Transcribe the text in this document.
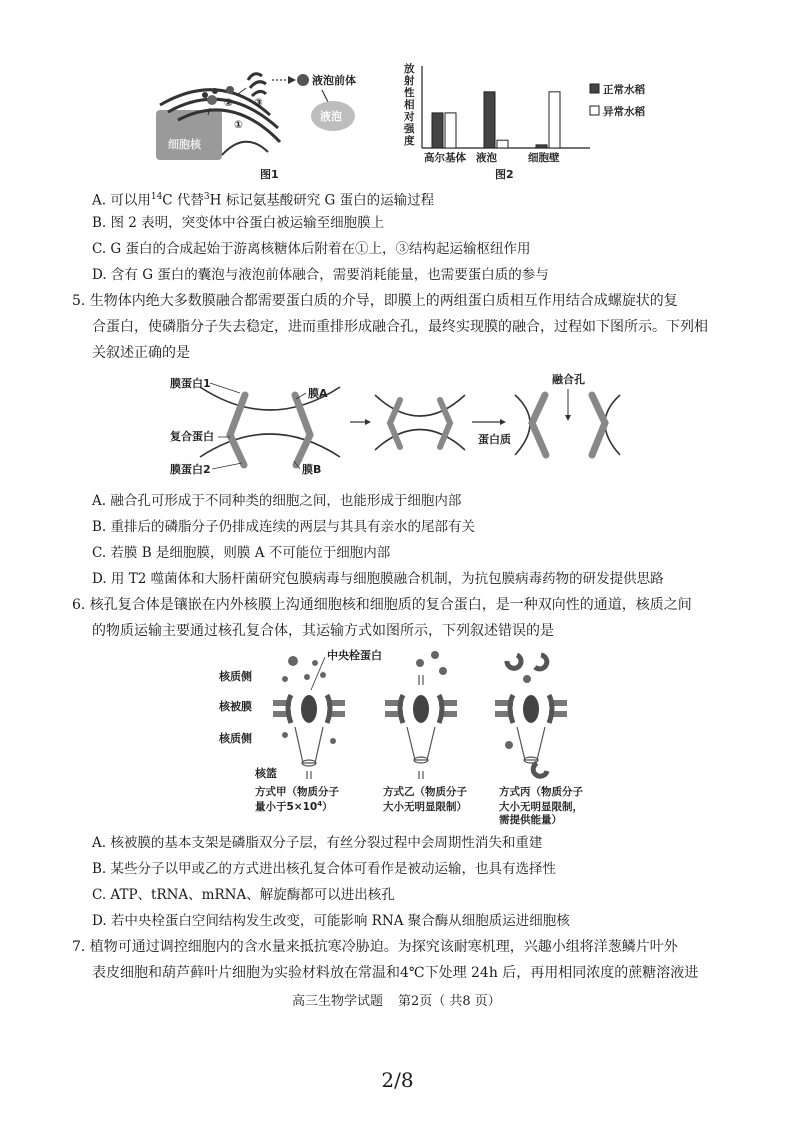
细胞核
②
①
③
液泡前体
液泡
图1
放
射
性
相
对
强
度
高尔基体 液泡	细胞壁
正常水稻
异常水稻
图2
A. 可以用$^{14}$C 代替$^3$H 标记氨基酸研究 G 蛋白的运输过程
B. 图 2 表明，突变体中谷蛋白被运输至细胞膜上
C. G 蛋白的合成起始于游离核糖体后附着在①上，③结构起运输枢纽作用
D. 含有 G 蛋白的囊泡与液泡前体融合，需要消耗能量，也需要蛋白质的参与
5. 生物体内绝大多数膜融合都需要蛋白质的介导，即膜上的两组蛋白质相互作用结合成螺旋状的复
合蛋白，使磷脂分子失去稳定，进而重排形成融合孔，最终实现膜的融合，过程如下图所示。下列相
关叙述正确的是
膜蛋白1
膜A
复合蛋白
膜蛋白2	膜B
蛋白质
融合孔
A. 融合孔可形成于不同种类的细胞之间，也能形成于细胞内部
B. 重排后的磷脂分子仍排成连续的两层与其具有亲水的尾部有关
C. 若膜 B 是细胞膜，则膜 A 不可能位于细胞内部
D. 用 T2 噬菌体和大肠杆菌研究包膜病毒与细胞膜融合机制，为抗包膜病毒药物的研发提供思路
6. 核孔复合体是镶嵌在内外核膜上沟通细胞核和细胞质的复合蛋白，是一种双向性的通道，核质之间
的物质运输主要通过核孔复合体，其运输方式如图所示，下列叙述错误的是
核质侧
核被膜
核质侧
核篮
中央栓蛋白
方式甲（物质分子
量小于$5\times 10^4$）
方式乙（物质分子
大小无明显限制）
方式丙（物质分子
大小无明显限制，
需提供能量）
A. 核被膜的基本支架是磷脂双分子层，有丝分裂过程中会周期性消失和重建
B. 某些分子以甲或乙的方式进出核孔复合体可看作是被动运输，也具有选择性
C. ATP、tRNA、mRNA、解旋酶都可以进出核孔
D. 若中央栓蛋白空间结构发生改变，可能影响 RNA 聚合酶从细胞质运进细胞核
7. 植物可通过调控细胞内的含水量来抵抗寒冷胁迫。为探究该耐寒机理，兴趣小组将洋葱鳞片叶外
表皮细胞和葫芦藓叶片细胞为实验材料放在常温和4℃下处理 24h 后，再用相同浓度的蔗糖溶液进
高三生物学试题 第2页（ 共8 页）
2/8
